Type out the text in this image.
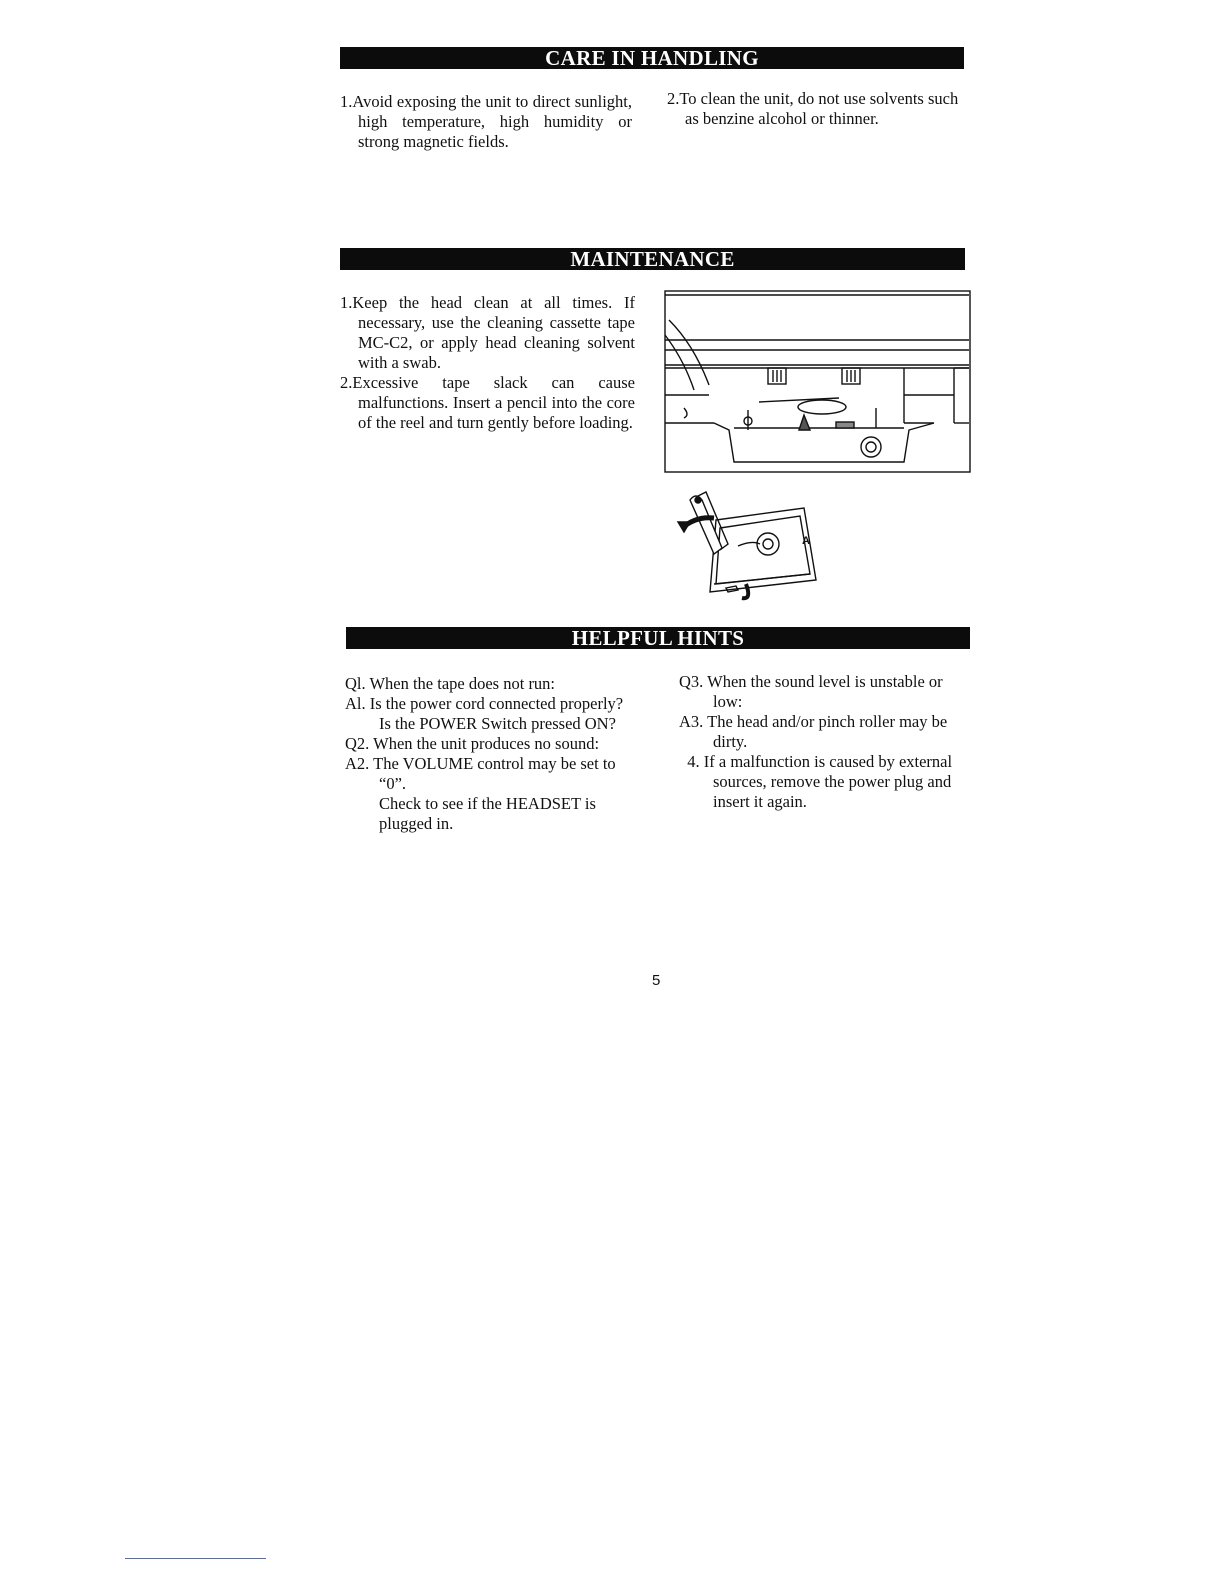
CARE IN HANDLING

1.Avoid exposing the unit to direct sunlight, high temperature, high humidity or strong magnetic fields.

2.To clean the unit, do not use solvents such as benzine alcohol or thinner.

MAINTENANCE

1.Keep the head clean at all times. If necessary, use the cleaning cassette tape MC-C2, or apply head cleaning solvent with a swab.

2.Excessive tape slack can cause malfunctions. Insert a pencil into the core of the reel and turn gently before loading.

A
HELPFUL HINTS

Ql. When the tape does not run:

Al. Is the power cord connected properly?

Is the POWER Switch pressed ON?

Q2. When the unit produces no sound:

A2. The VOLUME control may be set to “0”.

Check to see if the HEADSET is plugged in.

Q3. When the sound level is unstable or low:

A3. The head and/or pinch roller may be dirty.

4. If a malfunction is caused by external sources, remove the power plug and insert it again.

5
